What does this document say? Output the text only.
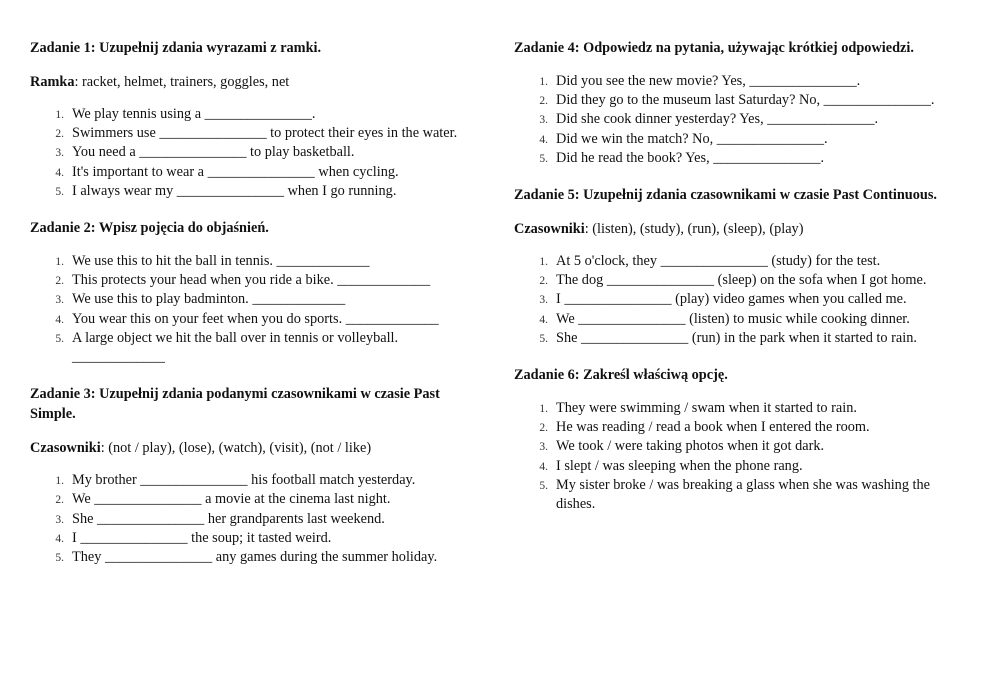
Zadanie 1: Uzupełnij zdania wyrazami z ramki.
Ramka: racket, helmet, trainers, goggles, net
1. We play tennis using a _______________.
2. Swimmers use _______________ to protect their eyes in the water.
3. You need a _______________ to play basketball.
4. It's important to wear a _______________ when cycling.
5. I always wear my _______________ when I go running.
Zadanie 2: Wpisz pojęcia do objaśnień.
1. We use this to hit the ball in tennis. _____________
2. This protects your head when you ride a bike. _____________
3. We use this to play badminton. _____________
4. You wear this on your feet when you do sports. _____________
5. A large object we hit the ball over in tennis or volleyball. _____________
Zadanie 3: Uzupełnij zdania podanymi czasownikami w czasie Past Simple.
Czasowniki: (not / play), (lose), (watch), (visit), (not / like)
1. My brother _______________ his football match yesterday.
2. We _______________ a movie at the cinema last night.
3. She _______________ her grandparents last weekend.
4. I _______________ the soup; it tasted weird.
5. They _______________ any games during the summer holiday.
Zadanie 4: Odpowiedz na pytania, używając krótkiej odpowiedzi.
1. Did you see the new movie? Yes, _______________.
2. Did they go to the museum last Saturday? No, _______________.
3. Did she cook dinner yesterday? Yes, _______________.
4. Did we win the match? No, _______________.
5. Did he read the book? Yes, _______________.
Zadanie 5: Uzupełnij zdania czasownikami w czasie Past Continuous.
Czasowniki: (listen), (study), (run), (sleep), (play)
1. At 5 o'clock, they _______________ (study) for the test.
2. The dog _______________ (sleep) on the sofa when I got home.
3. I _______________ (play) video games when you called me.
4. We _______________ (listen) to music while cooking dinner.
5. She _______________ (run) in the park when it started to rain.
Zadanie 6: Zakreśl właściwą opcję.
1. They were swimming / swam when it started to rain.
2. He was reading / read a book when I entered the room.
3. We took / were taking photos when it got dark.
4. I slept / was sleeping when the phone rang.
5. My sister broke / was breaking a glass when she was washing the dishes.
